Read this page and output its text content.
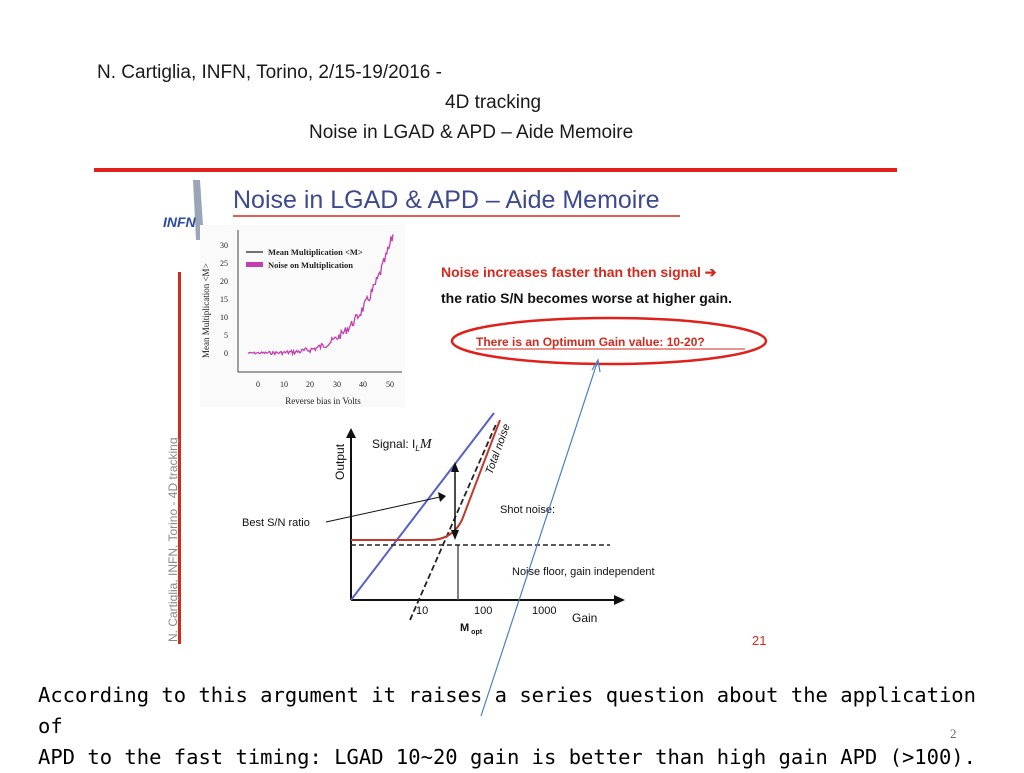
N. Cartiglia, INFN, Torino, 2/15-19/2016 -
4D tracking
Noise in LGAD & APD – Aide Memoire
INFN
N. Cartiglia, INFN, Torino - 4D tracking
Noise in LGAD & APD – Aide Memoire
0
5
10
15
20
25
30
0	10 20 30 40 50
Reverse bias in Volts
Mean Multiplication <M>
Mean Multiplication <M>
Noise on Multiplication	Noise increases faster than then signal ➔
the ratio S/N becomes worse at higher gain.
There is an Optimum Gain value: 10-20?
Output
Gain
10	100	1000
M $_{opt}$
Signal: $I_LM$	Total noise
Shot noise:
Noise floor, gain independent
Best S/N ratio
21
According to this argument it raises a series question about the application of
APD to the fast timing: LGAD 10~20 gain is better than high gain APD (>100).
2
